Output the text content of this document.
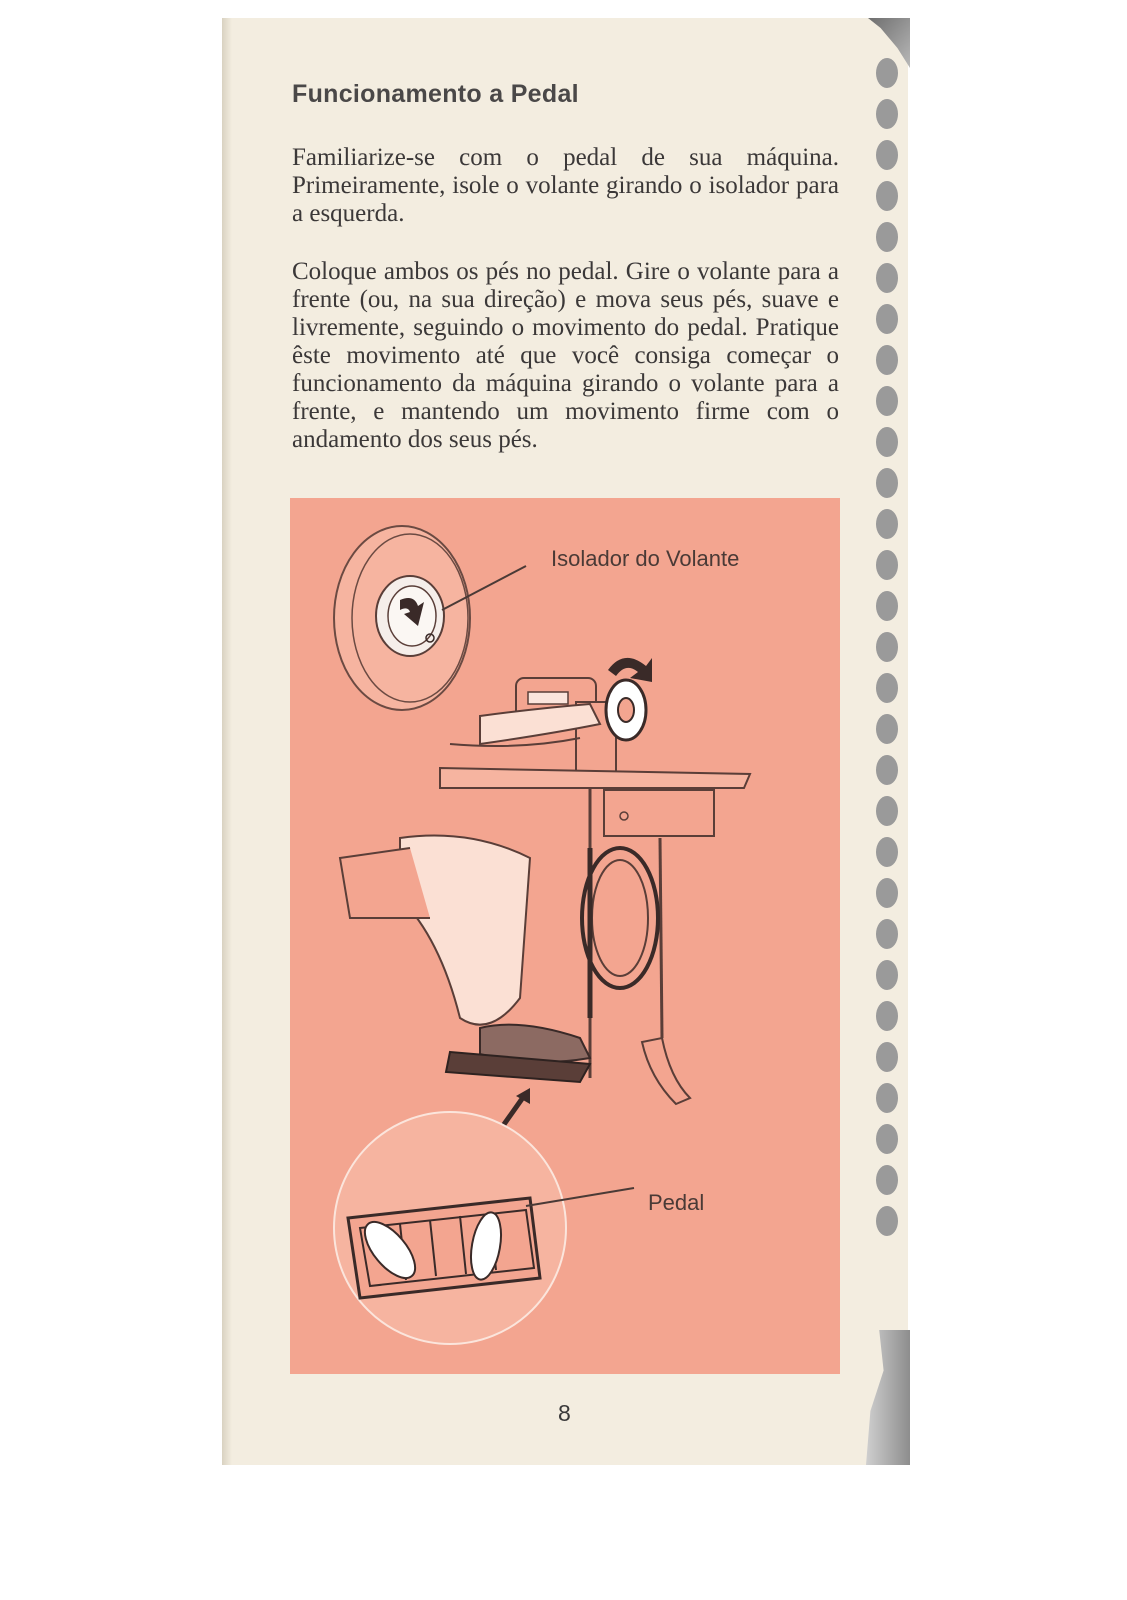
Funcionamento a Pedal

Familiarize-se com o pedal de sua máquina. Primeiramente, isole o volante girando o isolador para a esquerda.

Coloque ambos os pés no pedal. Gire o volante para a frente (ou, na sua direção) e mova seus pés, suave e livremente, seguindo o movimento do pedal. Pratique êste movimento até que você consiga começar o funcionamento da máquina girando o volante para a frente, e mantendo um movimento firme com o andamento dos seus pés.

Isolador do Volante
Pedal
8
